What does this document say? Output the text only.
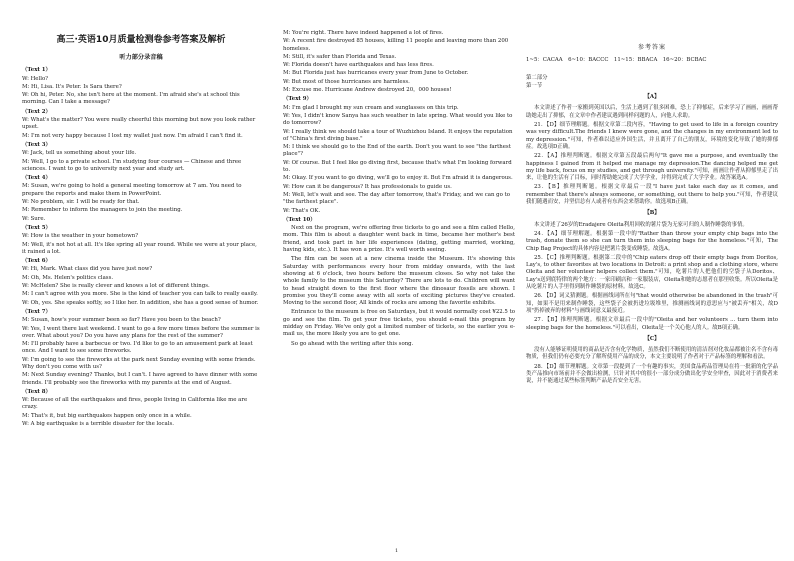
高三·英语10月质量检测卷参考答案及解析
听力部分录音稿
（Text 1）
W: Hello?
M: Hi, Lisa. It's Peter. Is Sara there?
W: Oh hi, Peter. No, she isn't here at the moment. I'm afraid she's at school this morning. Can I take a message?
（Text 2）
W: What's the matter? You were really cheerful this morning but now you look rather upset.
M: I'm not very happy because I lost my wallet just now. I'm afraid I can't find it.
（Text 3）
W: Jack, tell us something about your life.
M: Well, I go to a private school. I'm studying four courses — Chinese and three sciences. I want to go to university next year and study art.
（Text 4）
M: Susan, we're going to hold a general meeting tomorrow at 7 am. You need to prepare the reports and make them in PowerPoint.
W: No problem, sir. I will be ready for that.
M: Remember to inform the managers to join the meeting.
W: Sure.
（Text 5）
W: How is the weather in your hometown?
M: Well, it's not hot at all. It's like spring all year round. While we were at your place, it rained a lot.
（Text 6）
W: Hi, Mark. What class did you have just now?
M: Oh, Ms. Helen's politics class.
W: McHelen? She is really clever and knows a lot of different things.
M: I can't agree with you more. She is the kind of teacher you can talk to really easily.
W: Oh, yes. She speaks softly, so I like her. In addition, she has a good sense of humor.
（Text 7）
M: Susan, how's your summer been so far? Have you been to the beach?
W: Yes, I went there last weekend. I want to go a few more times before the summer is over. What about you? Do you have any plans for the rest of the summer?
M: I'll probably have a barbecue or two. I'd like to go to an amusement park at least once. And I want to see some fireworks.
W: I'm going to see the fireworks at the park next Sunday evening with some friends. Why don't you come with us?
M: Next Sunday evening? Thanks, but I can't. I have agreed to have dinner with some friends. I'll probably see the fireworks with my parents at the end of August.
（Text 8）
W: Because of all the earthquakes and fires, people living in California like me are crazy.
M: That's it, but big earthquakes happen only once in a while.
W: A big earthquake is a terrible disaster for the locals.
M: You're right. There have indeed happened a lot of fires.
W: A recent fire destroyed 85 houses, killing 11 people and leaving more than 200 homeless.
M: Still, it's safer than Florida and Texas.
W: Florida doesn't have earthquakes and has less fires.
M: But Florida just has hurricanes every year from June to October.
W: But most of those hurricanes are harmless.
M: Excuse me. Hurricane Andrew destroyed 20，000 houses!
（Text 9）
M: I'm glad I brought my sun cream and sunglasses on this trip.
W: Yes, I didn't know Sanya has such weather in late spring. What would you like to do tomorrow?
W: I really think we should take a tour of Wuzhizhou Island. It enjoys the reputation of "China's first diving base."
M: I think we should go to the End of the earth. Don't you want to see "the farthest place"?
W: Of course. But I feel like go diving first, because that's what I'm looking forward to.
M: Okay. If you want to go diving, we'll go to enjoy it. But I'm afraid it is dangerous.
W: How can it be dangerous? It has professionals to guide us.
M: Well, let's wait and see. The day after tomorrow, that's Friday, and we can go to "the farthest place".
W: That's OK.
（Text 10）
Next on the program, we're offering free tickets to go and see a film called Hello, mom. This film is about a daughter went back in time, became her mother's best friend, and took part in her life experiences (dating, getting married, working, having kids, etc.). It has won a prize. It's well worth seeing.
The film can be seen at a new cinema inside the Museum. It's showing this Saturday with performances every hour from midday onwards, with the last showing at 6 o'clock, two hours before the museum closes. So why not take the whole family to the museum this Saturday? There are lots to do. Children will want to head straight down to the first floor where the dinosaur fossils are shown. I promise you they'll come away with all sorts of exciting pictures they've created. Moving to the second floor, All kinds of rocks are among the favorite exhibits.
Entrance to the museum is free on Saturdays, but it would normally cost ¥22.5 to go and see the film. To get your free tickets, you should e-mail this program by midday on Friday. We've only got a limited number of tickets, so the earlier you e-mail us, the more likely you are to get one.
So go ahead with the writing after this song.
参考答案
1~5：CACAA　6~10：BACCC　11~15：BBACA　16~20：BCBAC
第二部分
第一节
【A】
本文讲述了作者一家搬到英国以后，生活上遇到了很多困难，恐上了抑郁症，后来学习了画画，画画帮助她走出了抑郁，在文章中作者建议遇到同样问题的人，向他人求助。
21．【D】细节理解题。根据文章第二段内容，"Having to get used to life in a foreign country was very difficult.The friends I knew were gone, and the changes in my environment led to my depression."可知，作者难以适应外国生活，并且离开了自己的朋友，环境的变化导致了她的抑郁症。故选项D正确。
22．【A】推理判断题。根据文章第五段最后两句"It gave me a purpose, and eventually the happiness I gained from it helped me manage my depression.The dancing helped me get my life back, focus on my studies, and get through university."可知，画画让作者从抑郁里走了出来，让他的生活有了目标，同时帮助她完成了大学学业，并得到完成了大学学业。故答案选A。
23．【B】推理判断题。根据文章最后一段"I have just take each day as it comes, and remember that there's always someone, or something, out there to help you."可知，作者建议我们随遇而安，并坚信总有人或者有东西会来帮助你。故选项B正确。
【B】
本文讲述了26岁的Eradajere Oleita利用回收的薯片袋为无家可归的人制作睡袋的事情。
24．【A】细节理解题。根据第一段中的"Rather than throw your empty chip bags into the trash, donate them so she can turn them into sleeping bags for the homeless."可知，The Chip Bag Project的具体内容是把薯片袋变成睡袋。故选A。
25．【C】推理判断题。根据第二段中的"Chip eaters drop off their empty bags from Doritos, Lay's, to other favorites at two locations in Detroit: a print shop and a clothing store, where Oleita and her volunteer helpers collect them."可知，吃薯片的人把他们的空袋子从Doritos、Lay's送到底特律的两个地方：一家印刷店和一家服装店，Oleita和她的志愿者在那里收集。所以Oleita是从吃薯片的人手里得到制作睡袋的原材料。故选C。
26．【D】词义猜测题。根据画线词所在句"that would otherwise be abandoned in the trash"可知，如果不是用来制作睡袋，这些袋子会被扔进垃圾堆里，推测画线词的意思应与"被丢弃"相关，故D项"扔掉被弃的材料"与画线词意义最接近。
27．【B】推理判断题。根据文章最后一段中的"Oleita and her volunteers ... turn them into sleeping bags for the homeless."可以看出，Oleita是一个关心他人的人。故B项正确。
【C】
没有人能够证明使用的商品是否含有化学物质，虽然我们不断使用的清洁剂对化妆品都被注名不含有毒物质，但我们仍有必要充分了解所使用产品的成分，本文主要说明了作者对于产品标签的理解和看法。
28．【D】细节理解题。文章第一段提到了一个有趣的事实，美国食品药品管理局在将一批新的化学品类产品推向市场前并不会做出检测，只针对其中的很小一部分成分做出化学安全审查，因此对于消费者来说，并不能通过某些标签判断产品是否安全无害。
1
